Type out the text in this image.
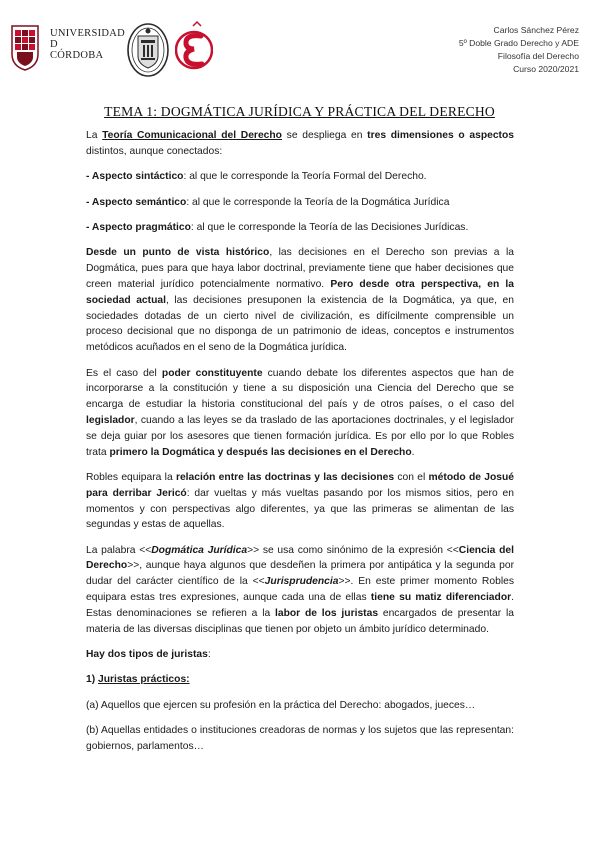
UNIVERSIDAD
D
CÓRDOBA
Carlos Sánchez Pérez
5º Doble Grado Derecho y ADE
Filosofía del Derecho
Curso 2020/2021
TEMA 1: DOGMÁTICA JURÍDICA Y PRÁCTICA DEL DERECHO

La Teoría Comunicacional del Derecho se despliega en tres dimensiones o aspectos distintos, aunque conectados:

- Aspecto sintáctico: al que le corresponde la Teoría Formal del Derecho.

- Aspecto semántico: al que le corresponde la Teoría de la Dogmática Jurídica

- Aspecto pragmático: al que le corresponde la Teoría de las Decisiones Jurídicas.

Desde un punto de vista histórico, las decisiones en el Derecho son previas a la Dogmática, pues para que haya labor doctrinal, previamente tiene que haber decisiones que creen material jurídico potencialmente normativo. Pero desde otra perspectiva, en la sociedad actual, las decisiones presuponen la existencia de la Dogmática, ya que, en sociedades dotadas de un cierto nivel de civilización, es difícilmente comprensible un proceso decisional que no disponga de un patrimonio de ideas, conceptos e instrumentos metódicos acuñados en el seno de la Dogmática jurídica.

Es el caso del poder constituyente cuando debate los diferentes aspectos que han de incorporarse a la constitución y tiene a su disposición una Ciencia del Derecho que se encarga de estudiar la historia constitucional del país y de otros países, o el caso del legislador, cuando a las leyes se da traslado de las aportaciones doctrinales, y el legislador se deja guiar por los asesores que tienen formación jurídica. Es por ello por lo que Robles trata primero la Dogmática y después las decisiones en el Derecho.

Robles equipara la relación entre las doctrinas y las decisiones con el método de Josué para derribar Jericó: dar vueltas y más vueltas pasando por los mismos sitios, pero en momentos y con perspectivas algo diferentes, ya que las primeras se alimentan de las segundas y estas de aquellas.

La palabra <<Dogmática Jurídica>> se usa como sinónimo de la expresión <<Ciencia del Derecho>>, aunque haya algunos que desdeñen la primera por antipática y la segunda por dudar del carácter científico de la <<Jurisprudencia>>. En este primer momento Robles equipara estas tres expresiones, aunque cada una de ellas tiene su matiz diferenciador. Estas denominaciones se refieren a la labor de los juristas encargados de presentar la materia de las diversas disciplinas que tienen por objeto un ámbito jurídico determinado.

Hay dos tipos de juristas:

1) Juristas prácticos:

(a) Aquellos que ejercen su profesión en la práctica del Derecho: abogados, jueces…

(b) Aquellas entidades o instituciones creadoras de normas y los sujetos que las representan: gobiernos, parlamentos…
